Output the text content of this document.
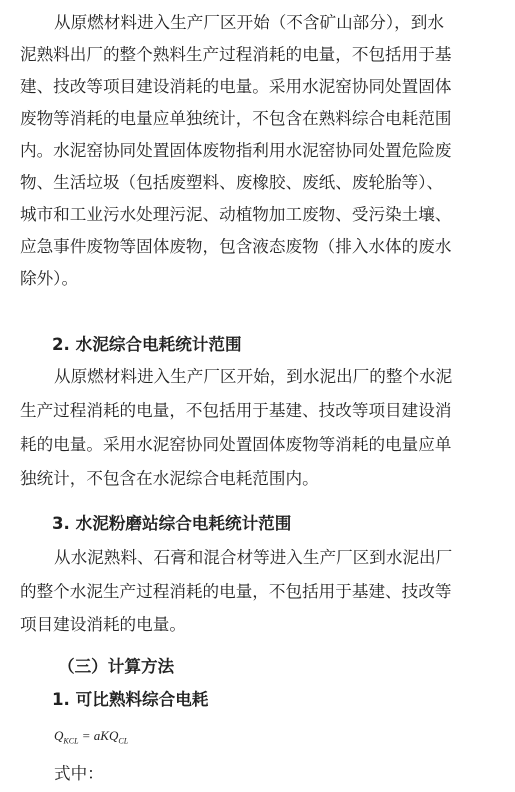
从原燃材料进入生产厂区开始（不含矿山部分），到水
泥熟料出厂的整个熟料生产过程消耗的电量，不包括用于基
建、技改等项目建设消耗的电量。采用水泥窑协同处置固体
废物等消耗的电量应单独统计，不包含在熟料综合电耗范围
内。水泥窑协同处置固体废物指利用水泥窑协同处置危险废
物、生活垃圾（包括废塑料、废橡胶、废纸、废轮胎等）、
城市和工业污水处理污泥、动植物加工废物、受污染土壤、
应急事件废物等固体废物，包含液态废物（排入水体的废水
除外）。
2. 水泥综合电耗统计范围
从原燃材料进入生产厂区开始，到水泥出厂的整个水泥
生产过程消耗的电量，不包括用于基建、技改等项目建设消
耗的电量。采用水泥窑协同处置固体废物等消耗的电量应单
独统计，不包含在水泥综合电耗范围内。
3. 水泥粉磨站综合电耗统计范围
从水泥熟料、石膏和混合材等进入生产厂区到水泥出厂
的整个水泥生产过程消耗的电量，不包括用于基建、技改等
项目建设消耗的电量。
（三）计算方法
1. 可比熟料综合电耗
$Q_{KCL} = aKQ_{CL}$
式中：
